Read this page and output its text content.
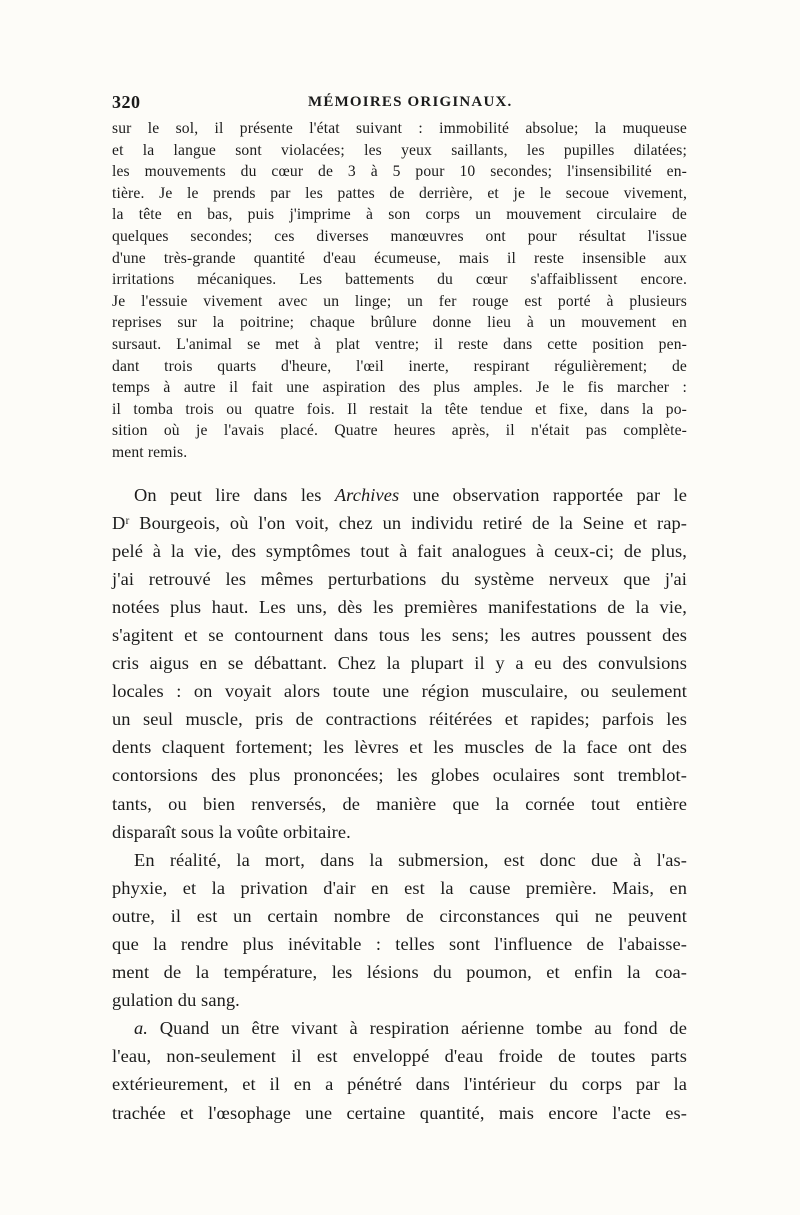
320	MÉMOIRES ORIGINAUX.

sur le sol, il présente l'état suivant : immobilité absolue; la muqueuse
et la langue sont violacées; les yeux saillants, les pupilles dilatées;
les mouvements du cœur de 3 à 5 pour 10 secondes; l'insensibilité en-
tière. Je le prends par les pattes de derrière, et je le secoue vivement,
la tête en bas, puis j'imprime à son corps un mouvement circulaire de
quelques secondes; ces diverses manœuvres ont pour résultat l'issue
d'une très-grande quantité d'eau écumeuse, mais il reste insensible aux
irritations mécaniques. Les battements du cœur s'affaiblissent encore.
Je l'essuie vivement avec un linge; un fer rouge est porté à plusieurs
reprises sur la poitrine; chaque brûlure donne lieu à un mouvement en
sursaut. L'animal se met à plat ventre; il reste dans cette position pen-
dant trois quarts d'heure, l'œil inerte, respirant régulièrement; de
temps à autre il fait une aspiration des plus amples. Je le fis marcher :
il tomba trois ou quatre fois. Il restait la tête tendue et fixe, dans la po-
sition où je l'avais placé. Quatre heures après, il n'était pas complète-
ment remis.

On peut lire dans les Archives une observation rapportée par le
Dʳ Bourgeois, où l'on voit, chez un individu retiré de la Seine et rap-
pelé à la vie, des symptômes tout à fait analogues à ceux-ci; de plus,
j'ai retrouvé les mêmes perturbations du système nerveux que j'ai
notées plus haut. Les uns, dès les premières manifestations de la vie,
s'agitent et se contournent dans tous les sens; les autres poussent des
cris aigus en se débattant. Chez la plupart il y a eu des convulsions
locales : on voyait alors toute une région musculaire, ou seulement
un seul muscle, pris de contractions réitérées et rapides; parfois les
dents claquent fortement; les lèvres et les muscles de la face ont des
contorsions des plus prononcées; les globes oculaires sont tremblot-
tants, ou bien renversés, de manière que la cornée tout entière
disparaît sous la voûte orbitaire.

En réalité, la mort, dans la submersion, est donc due à l'as-
phyxie, et la privation d'air en est la cause première. Mais, en
outre, il est un certain nombre de circonstances qui ne peuvent
que la rendre plus inévitable : telles sont l'influence de l'abaisse-
ment de la température, les lésions du poumon, et enfin la coa-
gulation du sang.

a. Quand un être vivant à respiration aérienne tombe au fond de
l'eau, non-seulement il est enveloppé d'eau froide de toutes parts
extérieurement, et il en a pénétré dans l'intérieur du corps par la
trachée et l'œsophage une certaine quantité, mais encore l'acte es-
